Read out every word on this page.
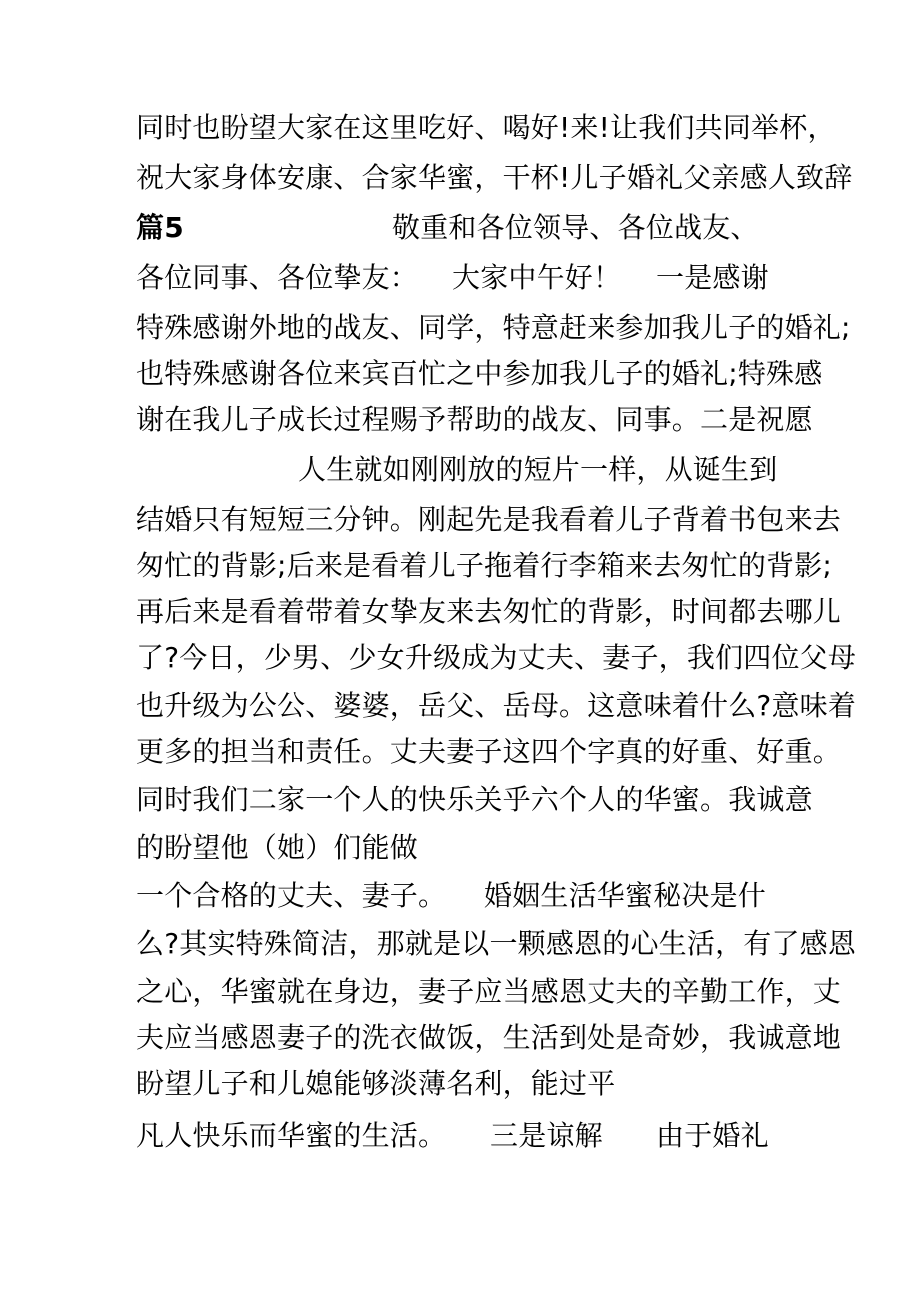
同时也盼望大家在这里吃好、喝好!来!让我们共同举杯，
祝大家身体安康、合家华蜜，干杯!儿子婚礼父亲感人致辞
篇5	敬重和各位领导、各位战友、
各位同事、各位挚友： 大家中午好！ 一是感谢
特殊感谢外地的战友、同学，特意赶来参加我儿子的婚礼;
也特殊感谢各位来宾百忙之中参加我儿子的婚礼;特殊感
谢在我儿子成长过程赐予帮助的战友、同事。二是祝愿
人生就如刚刚放的短片一样，从诞生到
结婚只有短短三分钟。刚起先是我看着儿子背着书包来去
匆忙的背影;后来是看着儿子拖着行李箱来去匆忙的背影;
再后来是看着带着女挚友来去匆忙的背影，时间都去哪儿
了?今日，少男、少女升级成为丈夫、妻子，我们四位父母
也升级为公公、婆婆，岳父、岳母。这意味着什么?意味着
更多的担当和责任。丈夫妻子这四个字真的好重、好重。
同时我们二家一个人的快乐关乎六个人的华蜜。我诚意
的盼望他（她）们能做
一个合格的丈夫、妻子。 婚姻生活华蜜秘决是什
么?其实特殊简洁，那就是以一颗感恩的心生活，有了感恩
之心，华蜜就在身边，妻子应当感恩丈夫的辛勤工作，丈
夫应当感恩妻子的洗衣做饭，生活到处是奇妙，我诚意地
盼望儿子和儿媳能够淡薄名利，能过平
凡人快乐而华蜜的生活。 三是谅解 由于婚礼
